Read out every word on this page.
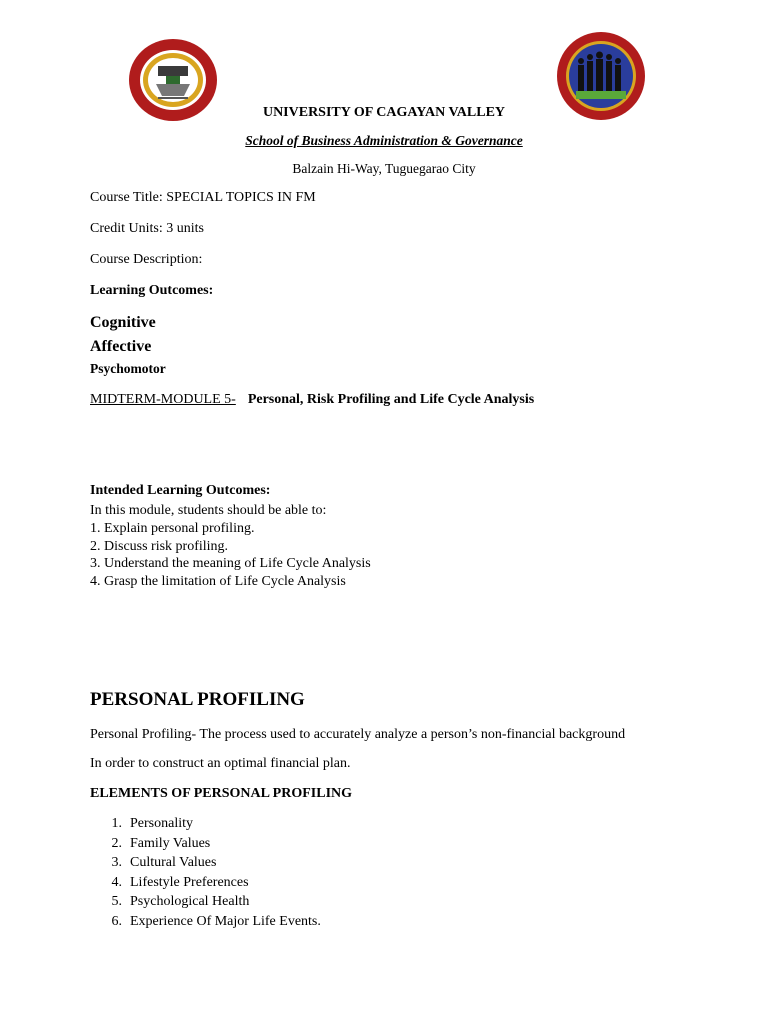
UNIVERSITY OF CAGAYAN VALLEY
School of Business Administration & Governance
Balzain Hi-Way, Tuguegarao City
Course Title: SPECIAL TOPICS IN FM
Credit Units: 3 units
Course Description:
Learning Outcomes:
Cognitive
Affective
Psychomotor
MIDTERM-MODULE 5- Personal, Risk Profiling and Life Cycle Analysis
Intended Learning Outcomes:
In this module, students should be able to:
1. Explain personal profiling.
2. Discuss risk profiling.
3. Understand the meaning of Life Cycle Analysis
4. Grasp the limitation of Life Cycle Analysis
PERSONAL PROFILING
Personal Profiling- The process used to accurately analyze a person’s non-financial background
In order to construct an optimal financial plan.
ELEMENTS OF PERSONAL PROFILING
1. Personality
2. Family Values
3. Cultural Values
4. Lifestyle Preferences
5. Psychological Health
6. Experience Of Major Life Events.
